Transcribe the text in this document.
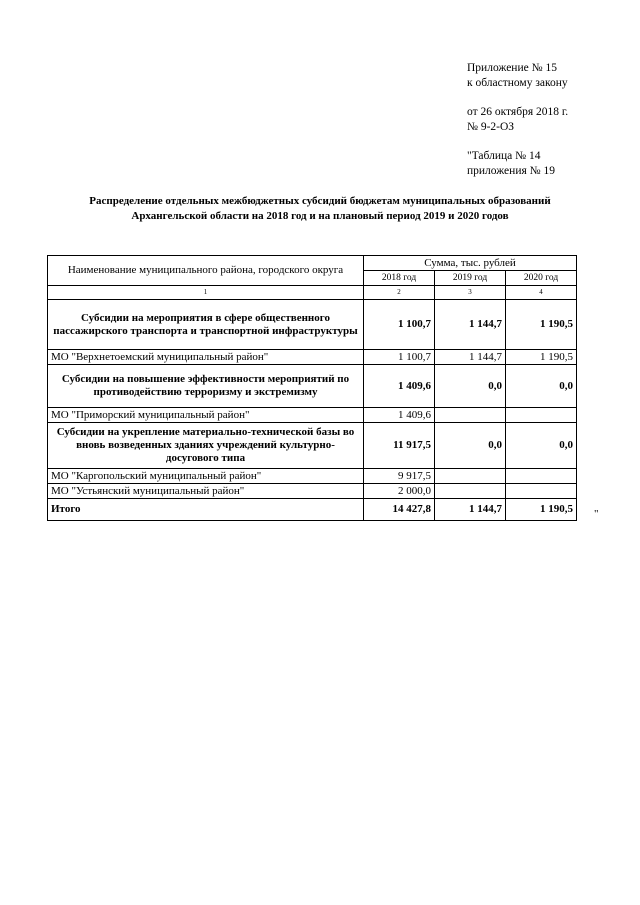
Приложение № 15
к областному закону
от 26 октября 2018 г.
№ 9-2-ОЗ
"Таблица № 14
приложения № 19
Распределение отдельных межбюджетных субсидий бюджетам муниципальных образований
Архангельской области на 2018 год и на плановый период 2019 и 2020 годов
Наименование муниципального района, городского округа	Сумма, тыс. рублей		
	2018 год	2019 год	2020 год
1	2	3	4
Субсидии на мероприятия в сфере общественного пассажирского транспорта и транспортной инфраструктуры	1 100,7	1 144,7	1 190,5
МО "Верхнетоемский муниципальный район"	1 100,7	1 144,7	1 190,5
Субсидии на повышение эффективности мероприятий по противодействию терроризму и экстремизму	1 409,6	0,0	0,0
МО "Приморский муниципальный район"	1 409,6		
Субсидии на укрепление материально-технической базы во вновь возведенных зданиях учреждений культурно-досугового типа	11 917,5	0,0	0,0
МО "Каргопольский муниципальный район"	9 917,5		
МО "Устьянский муниципальный район"	2 000,0		
Итого	14 427,8	1 144,7	1 190,5 "
